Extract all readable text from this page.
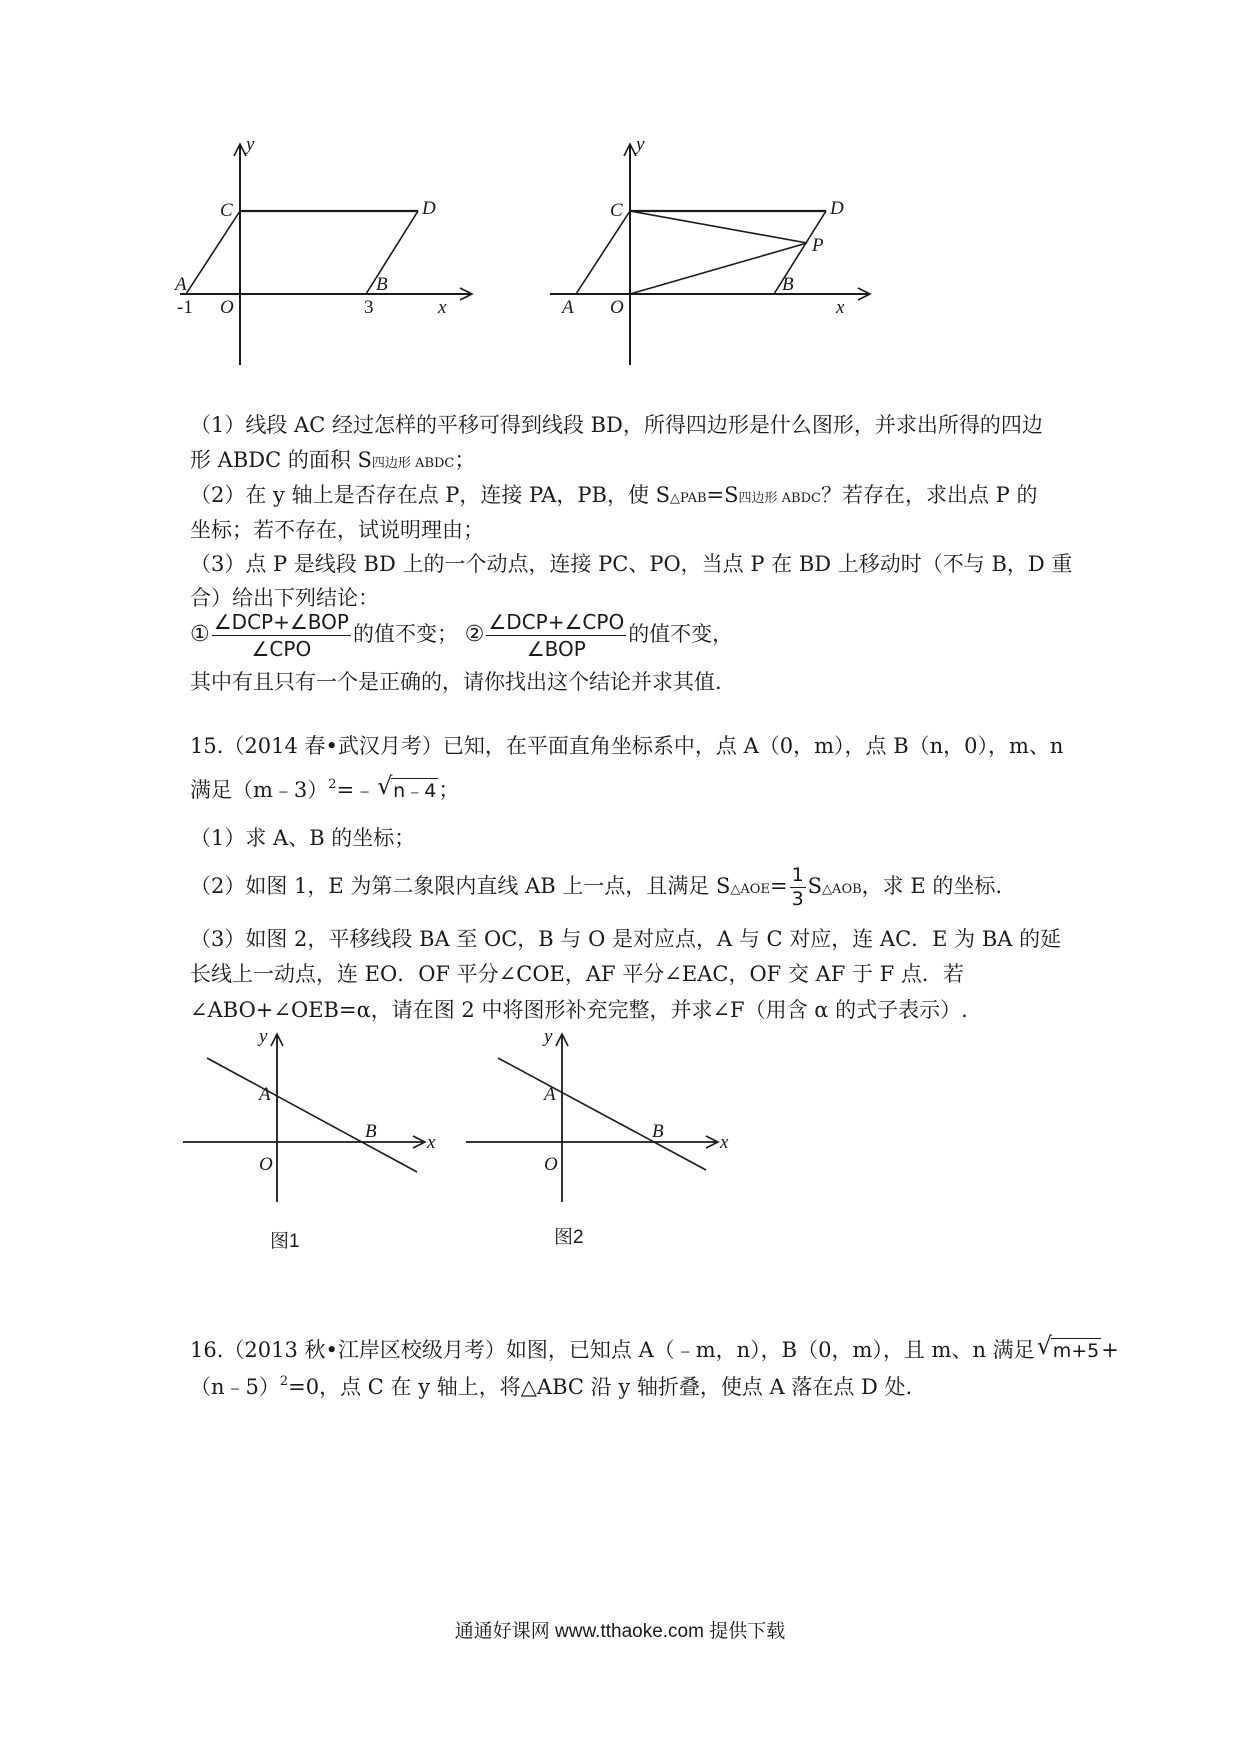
y
x
C	D
A	B
O
-1	3
y
x
C	D
P
A
B
O
（1）线段 AC 经过怎样的平移可得到线段 BD，所得四边形是什么图形，并求出所得的四边
形 ABDC 的面积 S四边形 ABDC；
（2）在 y 轴上是否存在点 P，连接 PA，PB，使 S△PAB=S四边形 ABDC？若存在，求出点 P 的
坐标；若不存在，试说明理由；
（3）点 P 是线段 BD 上的一个动点，连接 PC、PO，当点 P 在 BD 上移动时（不与 B，D 重
合）给出下列结论：
① $\frac{\text{∠DCP+∠BOP}}{\text{∠CPO}}$ 的值不变； ② $\frac{\text{∠DCP+∠CPO}}{\text{∠BOP}}$ 的值不变，
其中有且只有一个是正确的，请你找出这个结论并求其值.
15.（2014 春•武汉月考）已知，在平面直角坐标系中，点 A（0，m），点 B（n，0），m、n
满足（m﹣3）$^2$=﹣ √ n﹣4；
（1）求 A、B 的坐标；
（2）如图 1，E 为第二象限内直线 AB 上一点，且满足 S△AOE= $\frac{1}{3}$ S△AOB，求 E 的坐标.
（3）如图 2，平移线段 BA 至 OC，B 与 O 是对应点，A 与 C 对应，连 AC．E 为 BA 的延
长线上一动点，连 EO．OF 平分∠COE，AF 平分∠EAC，OF 交 AF 于 F 点．若
∠ABO+∠OEB=α，请在图 2 中将图形补充完整，并求∠F（用含 α 的式子表示）.
y
x
A
B
O
图1
y
x
A
B
O
图2
16.（2013 秋•江岸区校级月考）如图，已知点 A（﹣m，n），B（0，m），且 m、n 满足 √ m+5+
（n﹣5）$^2$=0，点 C 在 y 轴上，将△ABC 沿 y 轴折叠，使点 A 落在点 D 处.
通通好课网 www.tthaoke.com 提供下载
